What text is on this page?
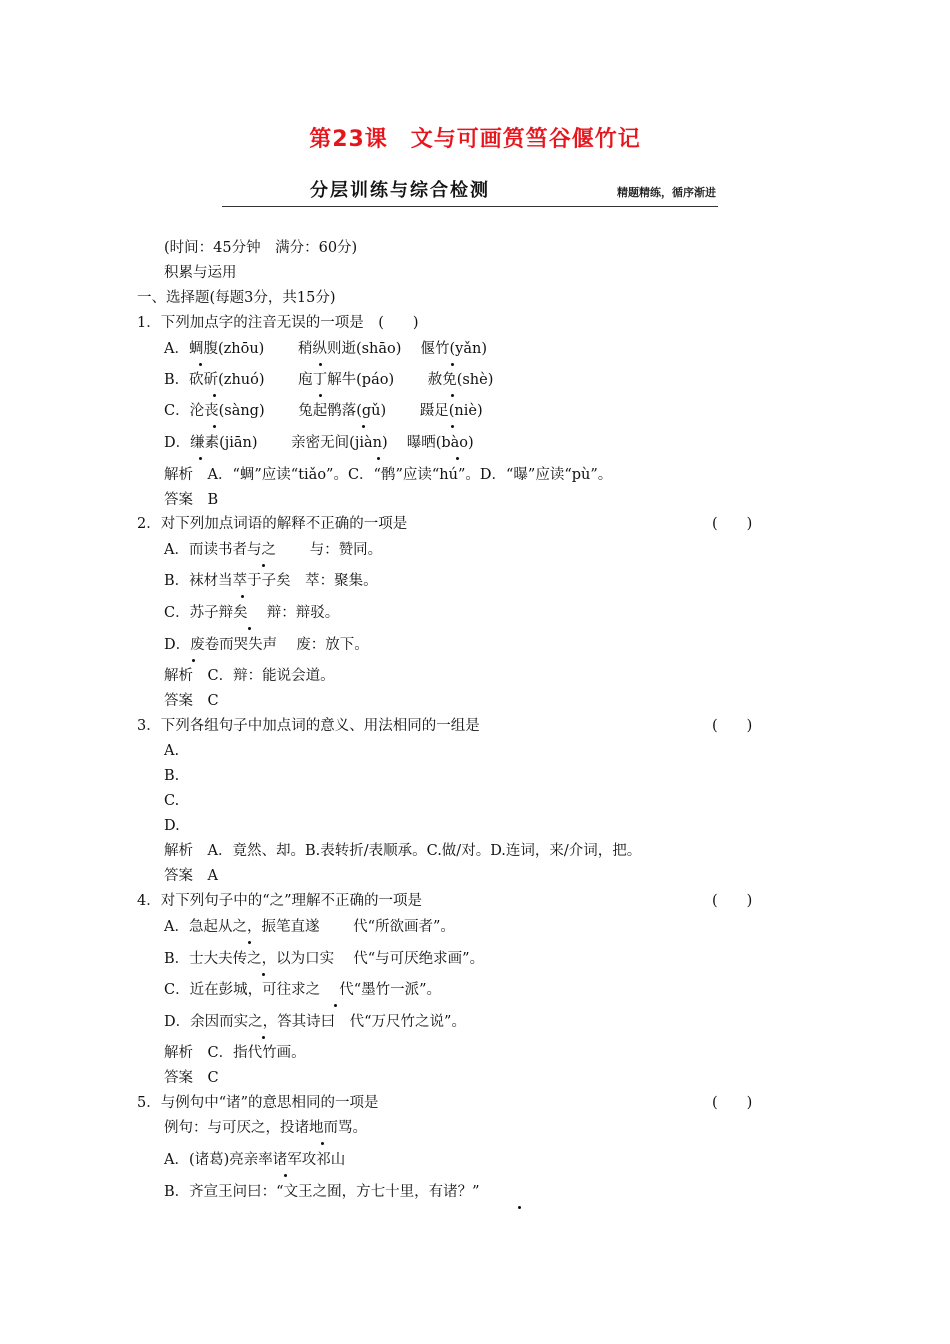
第23课　文与可画筼筜谷偃竹记
分层训练与综合检测	精题精练，循序渐进
(时间：45分钟　满分：60分)
积累与运用
一、选择题(每题3分，共15分)
1．下列加点字的注音无误的一项是　(　　)
A．蜩腹(zhōu)　　 稍纵则逝(shāo)　 偃竹(yǎn)
B．砍斫(zhuó)　　 庖丁解牛(páo)　　 赦免(shè)
C．沦丧(sàng)　　 兔起鹘落(gǔ)　　 蹑足(niè)
D．缣素(jiān)　　 亲密无间(jiàn)　 曝晒(bào)
解析　A．“蜩”应读“tiǎo”。C．“鹘”应读“hú”。D．“曝”应读“pù”。
答案　B
2．对下列加点词语的解释不正确的一项是	(　　)
A．而读书者与之　　 与：赞同。
B．袜材当萃于子矣　萃：聚集。
C．苏子辩矣　 辩：辩驳。
D．废卷而哭失声　 废：放下。
解析　C．辩：能说会道。
答案　C
3．下列各组句子中加点词的意义、用法相同的一组是	(　　)
A.
B.
C.
D.
解析　A．竟然、却。B.表转折/表顺承。C.做/对。D.连词，来/介词，把。
答案　A
4．对下列句子中的“之”理解不正确的一项是	(　　)
A．急起从之，振笔直遂　　 代“所欲画者”。
B．士大夫传之，以为口实　 代“与可厌绝求画”。
C．近在彭城，可往求之　 代“墨竹一派”。
D．余因而实之，答其诗曰　代“万尺竹之说”。
解析　C．指代竹画。
答案　C
5．与例句中“诸”的意思相同的一项是	(　　)
例句：与可厌之，投诸地而骂。
A．(诸葛)亮亲率诸军攻祁山
B．齐宣王问曰：“文王之囿，方七十里，有诸？”
